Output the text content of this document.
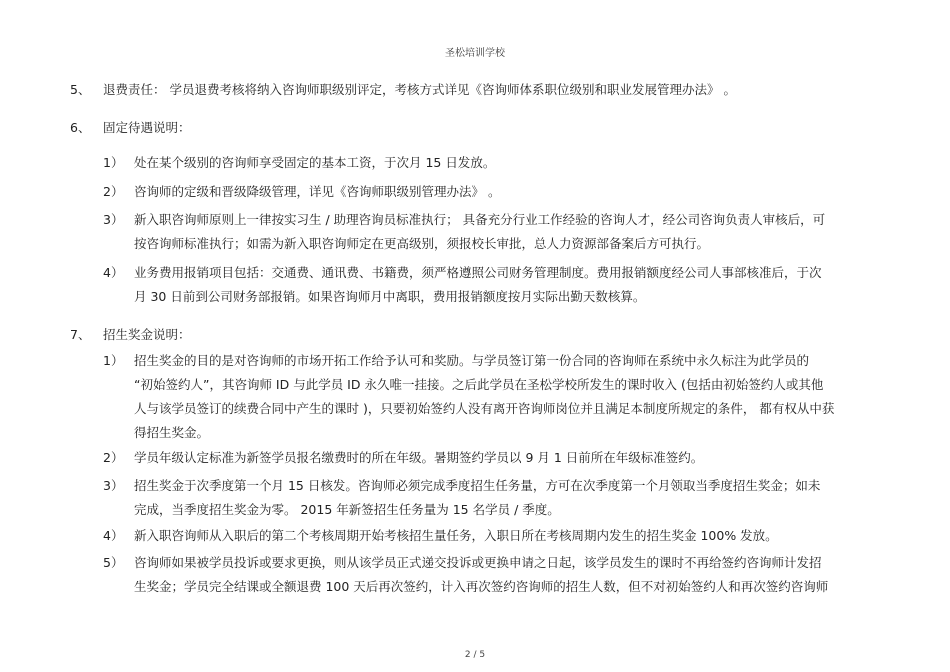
圣松培训学校
5、 退费责任： 学员退费考核将纳入咨询师职级别评定，考核方式详见《咨询师体系职位级别和职业发展管理办法》 。
6、 固定待遇说明：
1） 处在某个级别的咨询师享受固定的基本工资，于次月 15 日发放。
2） 咨询师的定级和晋级降级管理，详见《咨询师职级别管理办法》 。
3） 新入职咨询师原则上一律按实习生 / 助理咨询员标准执行； 具备充分行业工作经验的咨询人才，经公司咨询负责人审核后，可
按咨询师标准执行；如需为新入职咨询师定在更高级别，须报校长审批，总人力资源部备案后方可执行。
4） 业务费用报销项目包括：交通费、通讯费、书籍费，须严格遵照公司财务管理制度。费用报销额度经公司人事部核准后，于次
月 30 日前到公司财务部报销。如果咨询师月中离职，费用报销额度按月实际出勤天数核算。
7、 招生奖金说明：
1） 招生奖金的目的是对咨询师的市场开拓工作给予认可和奖励。与学员签订第一份合同的咨询师在系统中永久标注为此学员的
“初始签约人”，其咨询师 ID 与此学员 ID 永久唯一挂接。之后此学员在圣松学校所发生的课时收入 (包括由初始签约人或其他
人与该学员签订的续费合同中产生的课时 )，只要初始签约人没有离开咨询师岗位并且满足本制度所规定的条件， 都有权从中获
得招生奖金。
2） 学员年级认定标准为新签学员报名缴费时的所在年级。暑期签约学员以 9 月 1 日前所在年级标准签约。
3） 招生奖金于次季度第一个月 15 日核发。咨询师必须完成季度招生任务量，方可在次季度第一个月领取当季度招生奖金；如未
完成，当季度招生奖金为零。 2015 年新签招生任务量为 15 名学员 / 季度。
4） 新入职咨询师从入职后的第二个考核周期开始考核招生量任务，入职日所在考核周期内发生的招生奖金 100% 发放。
5） 咨询师如果被学员投诉或要求更换，则从该学员正式递交投诉或更换申请之日起，该学员发生的课时不再给签约咨询师计发招
生奖金；学员完全结课或全额退费 100 天后再次签约，计入再次签约咨询师的招生人数，但不对初始签约人和再次签约咨询师
2 / 5
